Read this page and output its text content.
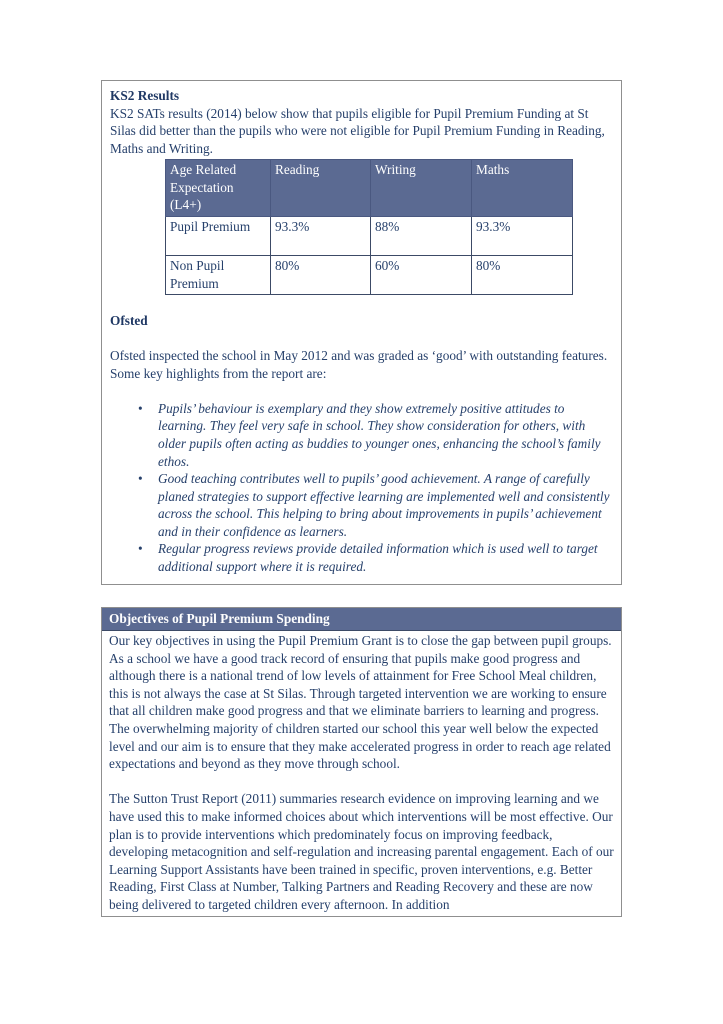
KS2 Results

KS2 SATs results (2014) below show that pupils eligible for Pupil Premium Funding at St Silas did better than the pupils who were not eligible for Pupil Premium Funding in Reading, Maths and Writing.

Age Related Expectation (L4+)	Reading	Writing	Maths
Pupil Premium	93.3%	88%	93.3%
Non Pupil Premium	80%	60%	80%
Ofsted

Ofsted inspected the school in May 2012 and was graded as ‘good’ with outstanding features. Some key highlights from the report are:

• Pupils’ behaviour is exemplary and they show extremely positive attitudes to learning. They feel very safe in school. They show consideration for others, with older pupils often acting as buddies to younger ones, enhancing the school’s family ethos.
• Good teaching contributes well to pupils’ good achievement. A range of carefully planed strategies to support effective learning are implemented well and consistently across the school. This helping to bring about improvements in pupils’ achievement and in their confidence as learners.
• Regular progress reviews provide detailed information which is used well to target additional support where it is required.
Objectives of Pupil Premium Spending

Our key objectives in using the Pupil Premium Grant is to close the gap between pupil groups. As a school we have a good track record of ensuring that pupils make good progress and although there is a national trend of low levels of attainment for Free School Meal children, this is not always the case at St Silas. Through targeted intervention we are working to ensure that all children make good progress and that we eliminate barriers to learning and progress. The overwhelming majority of children started our school this year well below the expected level and our aim is to ensure that they make accelerated progress in order to reach age related expectations and beyond as they move through school.

The Sutton Trust Report (2011) summaries research evidence on improving learning and we have used this to make informed choices about which interventions will be most effective. Our plan is to provide interventions which predominately focus on improving feedback, developing metacognition and self-regulation and increasing parental engagement. Each of our Learning Support Assistants have been trained in specific, proven interventions, e.g. Better Reading, First Class at Number, Talking Partners and Reading Recovery and these are now being delivered to targeted children every afternoon. In addition
